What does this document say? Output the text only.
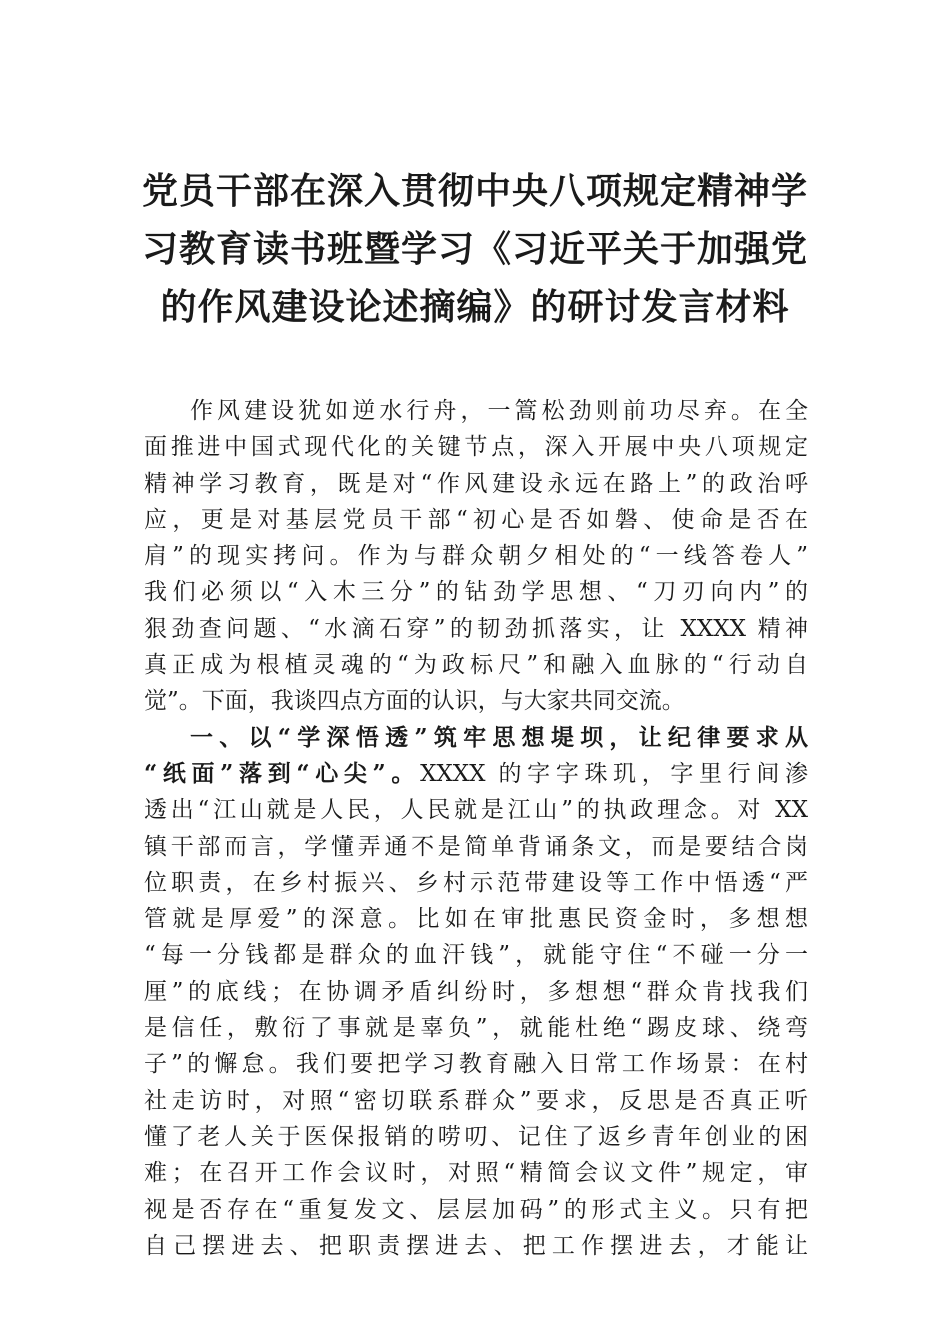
党员干部在深入贯彻中央八项规定精神学
习教育读书班暨学习《习近平关于加强党
的作风建设论述摘编》的研讨发言材料
作风建设犹如逆水行舟，一篙松劲则前功尽弃。在全
面推进中国式现代化的关键节点，深入开展中央八项规定
精神学习教育，既是对“作风建设永远在路上”的政治呼
应，更是对基层党员干部“初心是否如磐、使命是否在
肩”的现实拷问。作为与群众朝夕相处的“一线答卷人”
我们必须以“入木三分”的钻劲学思想、“刀刃向内”的
狠劲查问题、“水滴石穿”的韧劲抓落实，让 XXXX 精神
真正成为根植灵魂的“为政标尺”和融入血脉的“行动自
觉”。下面，我谈四点方面的认识，与大家共同交流。
一、以“学深悟透”筑牢思想堤坝，让纪律要求从
“纸面”落到“心尖”。XXXX 的字字珠玑，字里行间渗
透出“江山就是人民，人民就是江山”的执政理念。对 XX
镇干部而言，学懂弄通不是简单背诵条文，而是要结合岗
位职责，在乡村振兴、乡村示范带建设等工作中悟透“严
管就是厚爱”的深意。比如在审批惠民资金时，多想想
“每一分钱都是群众的血汗钱”，就能守住“不碰一分一
厘”的底线；在协调矛盾纠纷时，多想想“群众肯找我们
是信任，敷衍了事就是辜负”，就能杜绝“踢皮球、绕弯
子”的懈怠。我们要把学习教育融入日常工作场景：在村
社走访时，对照“密切联系群众”要求，反思是否真正听
懂了老人关于医保报销的唠叨、记住了返乡青年创业的困
难；在召开工作会议时，对照“精简会议文件”规定，审
视是否存在“重复发文、层层加码”的形式主义。只有把
自己摆进去、把职责摆进去、把工作摆进去，才能让
